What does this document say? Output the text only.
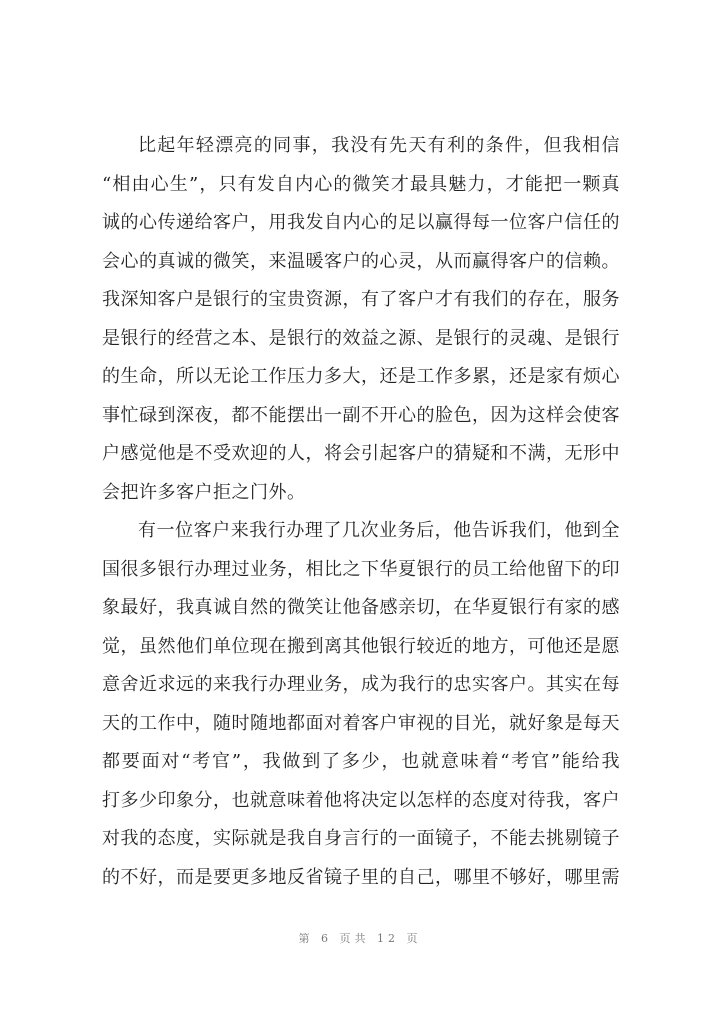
比起年轻漂亮的同事，我没有先天有利的条件，但我相信
“相由心生”，只有发自内心的微笑才最具魅力，才能把一颗真
诚的心传递给客户，用我发自内心的足以赢得每一位客户信任的
会心的真诚的微笑，来温暖客户的心灵，从而赢得客户的信赖。
我深知客户是银行的宝贵资源，有了客户才有我们的存在，服务
是银行的经营之本、是银行的效益之源、是银行的灵魂、是银行
的生命，所以无论工作压力多大，还是工作多累，还是家有烦心
事忙碌到深夜，都不能摆出一副不开心的脸色，因为这样会使客
户感觉他是不受欢迎的人，将会引起客户的猜疑和不满，无形中
会把许多客户拒之门外。
有一位客户来我行办理了几次业务后，他告诉我们，他到全
国很多银行办理过业务，相比之下华夏银行的员工给他留下的印
象最好，我真诚自然的微笑让他备感亲切，在华夏银行有家的感
觉，虽然他们单位现在搬到离其他银行较近的地方，可他还是愿
意舍近求远的来我行办理业务，成为我行的忠实客户。其实在每
天的工作中，随时随地都面对着客户审视的目光，就好象是每天
都要面对“考官”，我做到了多少，也就意味着“考官”能给我
打多少印象分，也就意味着他将决定以怎样的态度对待我，客户
对我的态度，实际就是我自身言行的一面镜子，不能去挑剔镜子
的不好，而是要更多地反省镜子里的自己，哪里不够好，哪里需
第 6 页共 12 页
